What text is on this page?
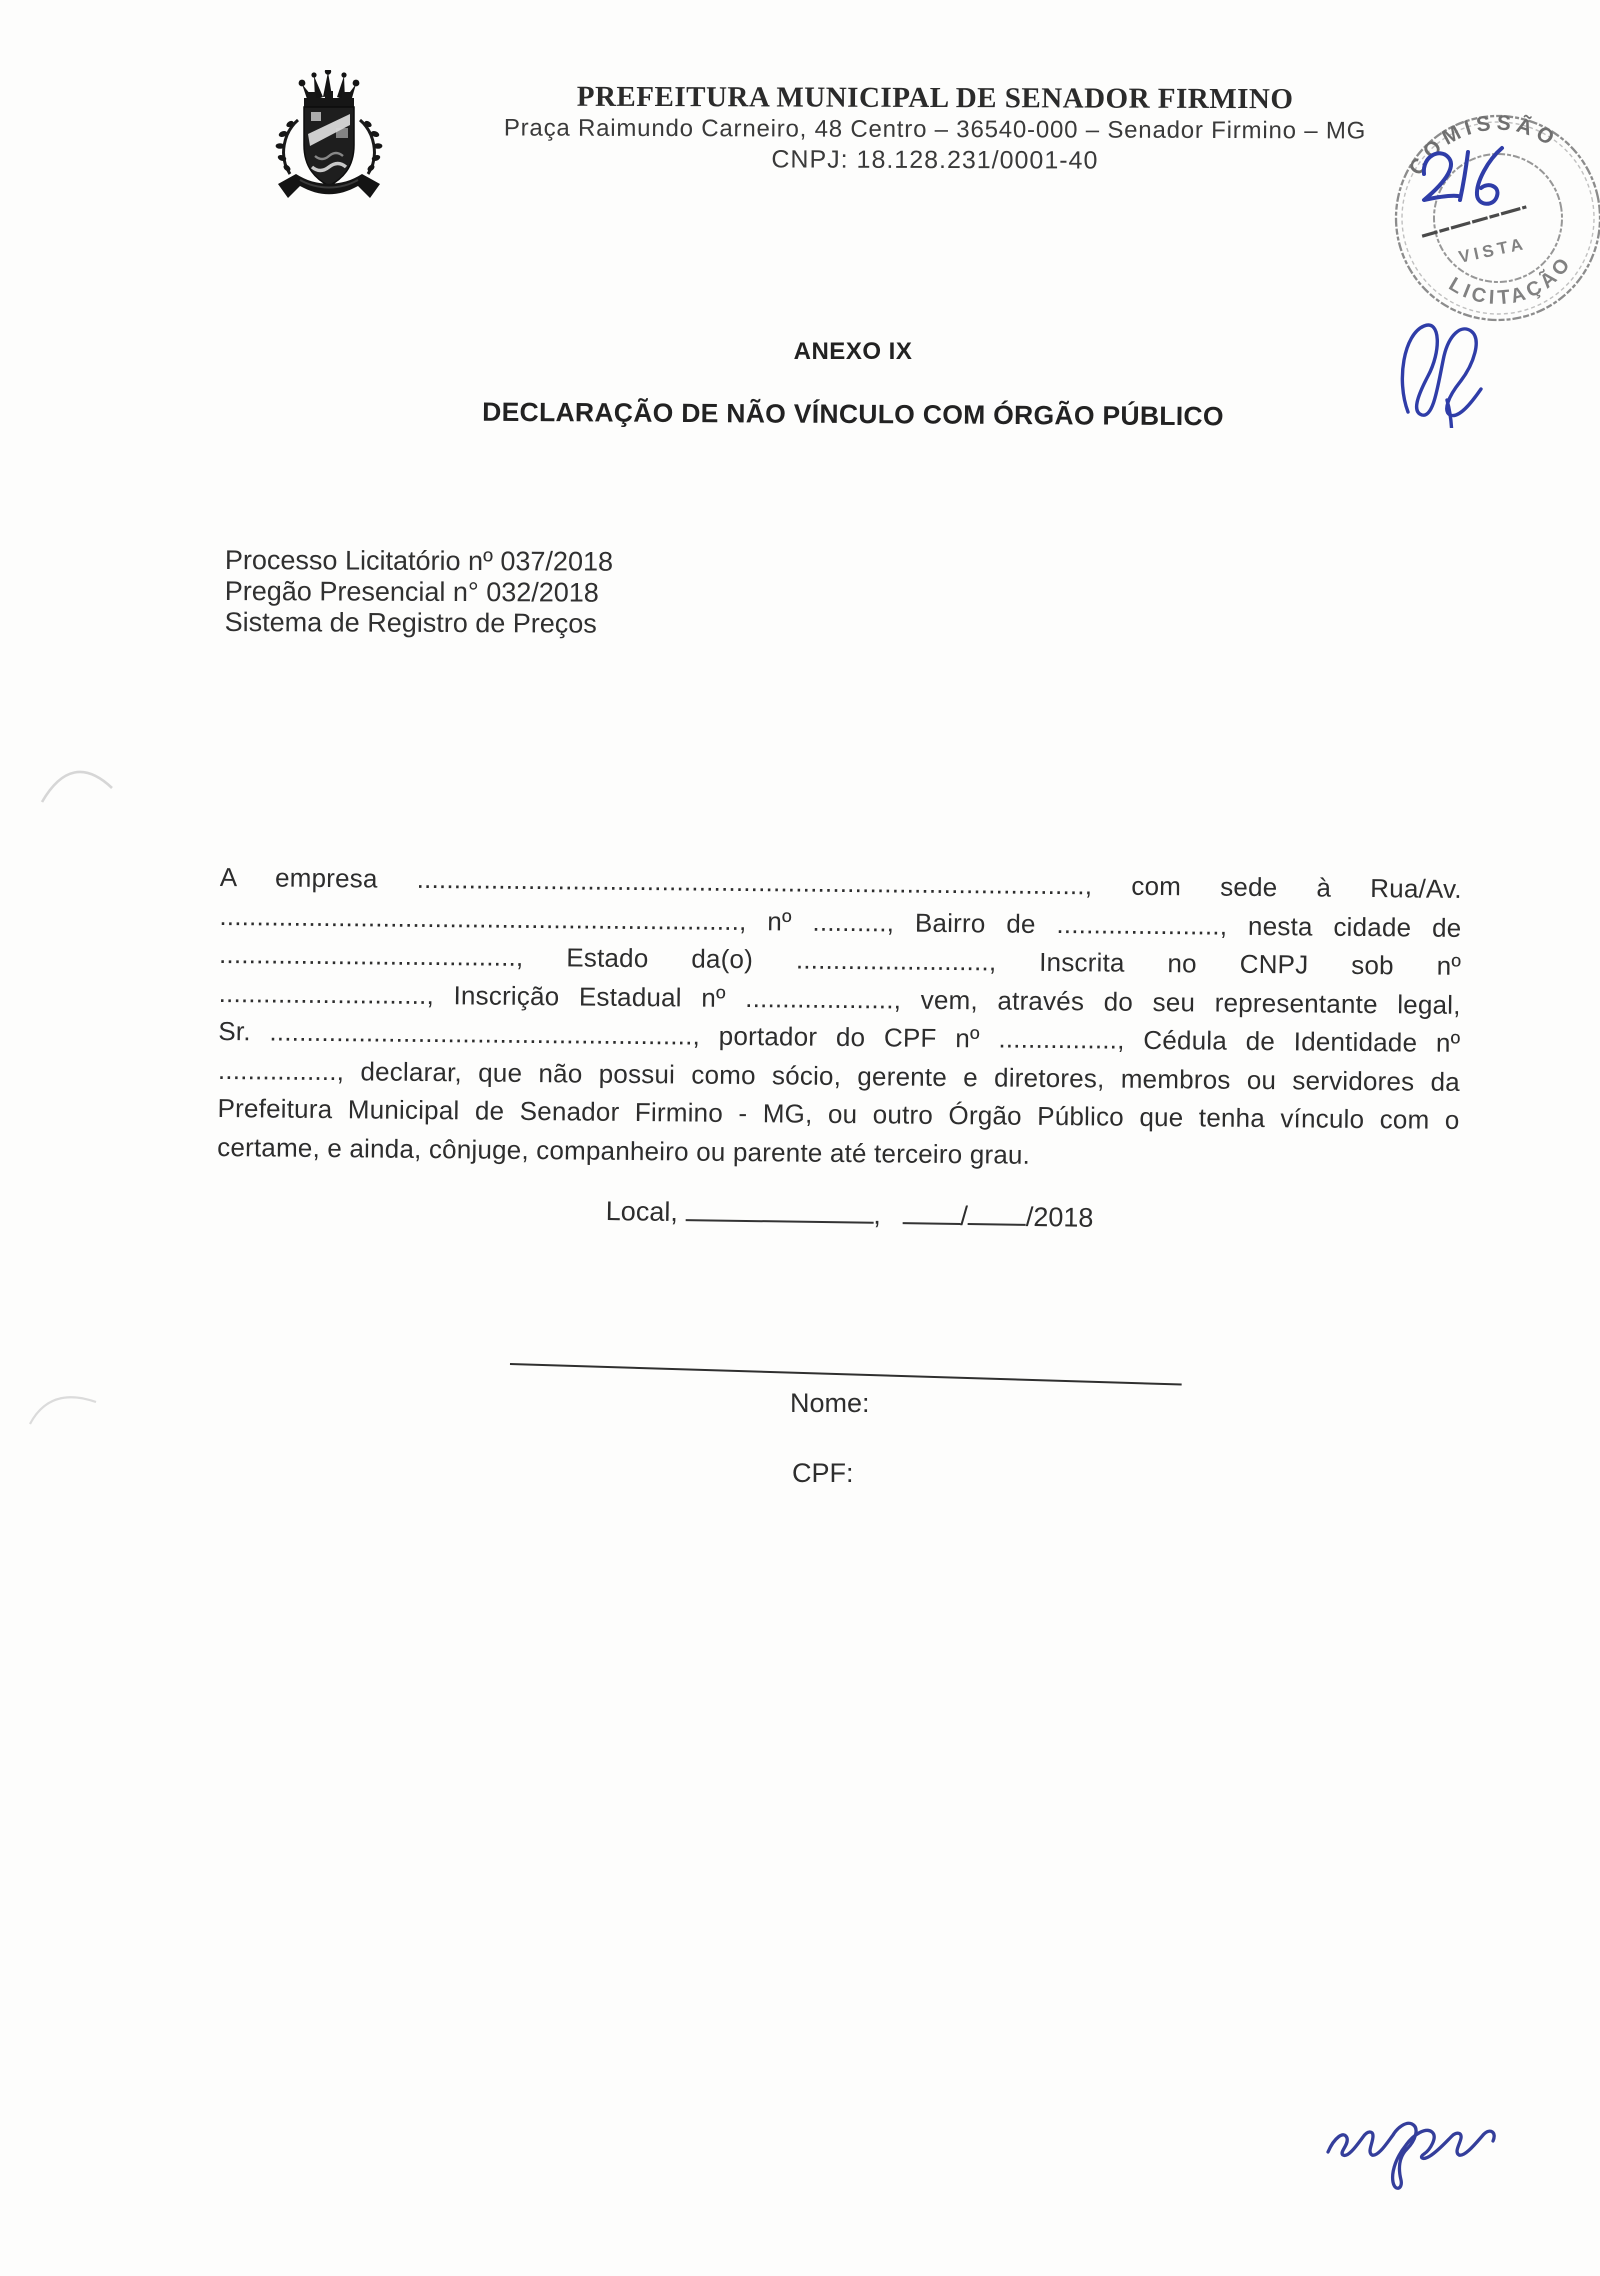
PREFEITURA MUNICIPAL DE SENADOR FIRMINO
Praça Raimundo Carneiro, 48 Centro – 36540-000 – Senador Firmino – MG
CNPJ: 18.128.231/0001-40	COMISSÃO
LICITAÇÃO
VISTA
216
ANEXO IX
DECLARAÇÃO DE NÃO VÍNCULO COM ÓRGÃO PÚBLICO
Processo Licitatório nº 037/2018
Pregão Presencial n° 032/2018
Sistema de Registro de Preços
A empresa .........................................................................................., com sede à Rua/Av.
......................................................................, nº .........., Bairro de ......................, nesta cidade de
........................................, Estado da(o) .........................., Inscrita no CNPJ sob nº
............................, Inscrição Estadual nº ...................., vem, através do seu representante legal,
Sr. ........................................................., portador do CPF nº ................, Cédula de Identidade nº
................, declarar, que não possui como sócio, gerente e diretores, membros ou servidores da
Prefeitura Municipal de Senador Firmino - MG, ou outro Órgão Público que tenha vínculo com o
certame, e ainda, cônjuge, companheiro ou parente até terceiro grau.
Local,	,	/ /2018
Nome:
CPF:
